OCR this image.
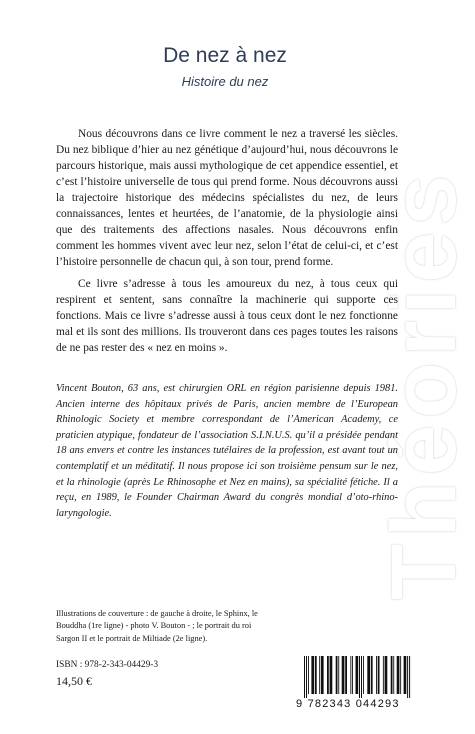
Théories
De nez à nez
Histoire du nez

Nous découvrons dans ce livre comment le nez a traversé les siècles. Du nez biblique d’hier au nez génétique d’aujourd’hui, nous découvrons le parcours historique, mais aussi mythologique de cet appendice essentiel, et c’est l’histoire universelle de tous qui prend forme. Nous découvrons aussi la trajectoire historique des médecins spécialistes du nez, de leurs connaissances, lentes et heurtées, de l’anatomie, de la physiologie ainsi que des traitements des affections nasales. Nous découvrons enfin comment les hommes vivent avec leur nez, selon l’état de celui-ci, et c’est l’histoire personnelle de chacun qui, à son tour, prend forme.

Ce livre s’adresse à tous les amoureux du nez, à tous ceux qui respirent et sentent, sans connaître la machinerie qui supporte ces fonctions. Mais ce livre s’adresse aussi à tous ceux dont le nez fonctionne mal et ils sont des millions. Ils trouveront dans ces pages toutes les raisons de ne pas rester des « nez en moins ».

Vincent Bouton, 63 ans, est chirurgien ORL en région parisienne depuis 1981. Ancien interne des hôpitaux privés de Paris, ancien membre de l’European Rhinologic Society et membre correspondant de l’American Academy, ce praticien atypique, fondateur de l’association S.I.N.U.S. qu’il a présidée pendant 18 ans envers et contre les instances tutélaires de la profession, est avant tout un contemplatif et un méditatif. Il nous propose ici son troisième pensum sur le nez, et la rhinologie (après Le Rhinosophe et Nez en mains), sa spécialité fétiche. Il a reçu, en 1989, le Founder Chairman Award du congrès mondial d’oto-rhino-laryngologie.
Illustrations de couverture : de gauche à droite, le Sphinx, le Bouddha (1re ligne) - photo V. Bouton - ; le portrait du roi Sargon II et le portrait de Miltiade (2e ligne).
ISBN : 978-2-343-04429-3
14,50 €
9 782343 044293
